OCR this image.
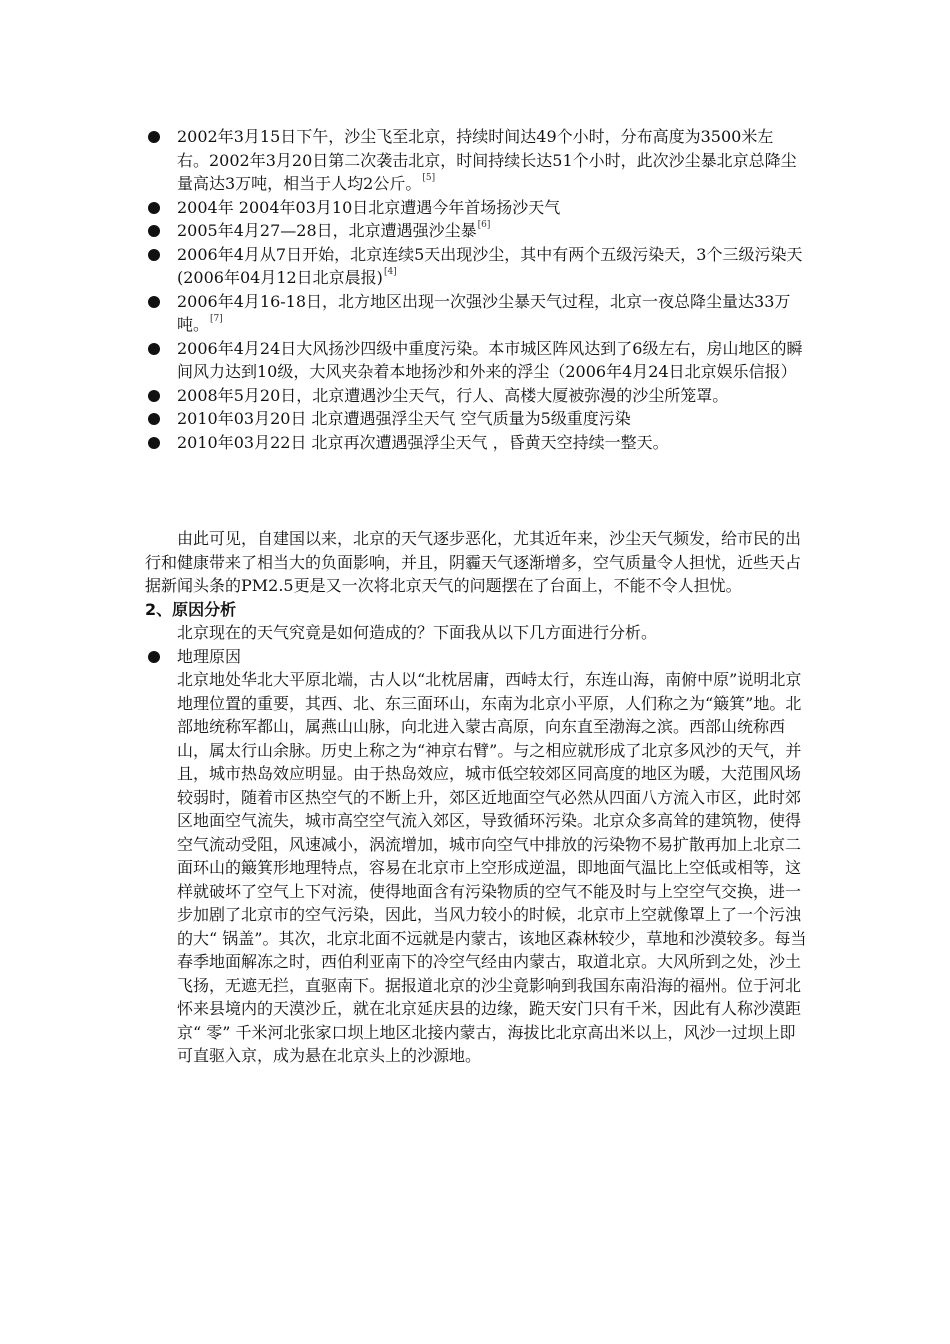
2002年3月15日下午，沙尘飞至北京，持续时间达49个小时，分布高度为3500米左右。2002年3月20日第二次袭击北京，时间持续长达51个小时，此次沙尘暴北京总降尘量高达3万吨，相当于人均2公斤。[5]
2004年 2004年03月10日北京遭遇今年首场扬沙天气
2005年4月27—28日，北京遭遇强沙尘暴[6]
2006年4月从7日开始，北京连续5天出现沙尘，其中有两个五级污染天，3个三级污染天(2006年04月12日北京晨报)[4]
2006年4月16-18日，北方地区出现一次强沙尘暴天气过程，北京一夜总降尘量达33万吨。[7]
2006年4月24日大风扬沙四级中重度污染。本市城区阵风达到了6级左右，房山地区的瞬间风力达到10级，大风夹杂着本地扬沙和外来的浮尘（2006年4月24日北京娱乐信报）
2008年5月20日，北京遭遇沙尘天气，行人、高楼大厦被弥漫的沙尘所笼罩。
2010年03月20日 北京遭遇强浮尘天气 空气质量为5级重度污染
2010年03月22日 北京再次遭遇强浮尘天气 ，昏黄天空持续一整天。

由此可见，自建国以来，北京的天气逐步恶化，尤其近年来，沙尘天气频发，给市民的出行和健康带来了相当大的负面影响，并且，阴霾天气逐渐增多，空气质量令人担忧，近些天占据新闻头条的PM2.5更是又一次将北京天气的问题摆在了台面上，不能不令人担忧。

2、原因分析

北京现在的天气究竟是如何造成的？下面我从以下几方面进行分析。

地理原因

北京地处华北大平原北端，古人以“北枕居庸，西峙太行，东连山海，南俯中原”说明北京地理位置的重要，其西、北、东三面环山，东南为北京小平原，人们称之为“簸箕”地。北部地统称军都山，属燕山山脉，向北进入蒙古高原，向东直至渤海之滨。西部山统称西山，属太行山余脉。历史上称之为“神京右臂”。与之相应就形成了北京多风沙的天气，并且，城市热岛效应明显。由于热岛效应，城市低空较郊区同高度的地区为暖，大范围风场较弱时，随着市区热空气的不断上升，郊区近地面空气必然从四面八方流入市区，此时郊区地面空气流失，城市高空空气流入郊区，导致循环污染。北京众多高耸的建筑物，使得空气流动受阻，风速减小，涡流增加，城市向空气中排放的污染物不易扩散再加上北京二面环山的簸箕形地理特点，容易在北京市上空形成逆温，即地面气温比上空低或相等，这样就破坏了空气上下对流，使得地面含有污染物质的空气不能及时与上空空气交换，进一步加剧了北京市的空气污染，因此，当风力较小的时候，北京市上空就像罩上了一个污浊的大“ 锅盖”。其次，北京北面不远就是内蒙古，该地区森林较少，草地和沙漠较多。每当春季地面解冻之时，西伯利亚南下的冷空气经由内蒙古，取道北京。大风所到之处，沙土飞扬，无遮无拦，直驱南下。据报道北京的沙尘竟影响到我国东南沿海的福州。位于河北怀来县境内的天漠沙丘，就在北京延庆县的边缘，跪天安门只有千米，因此有人称沙漠距京“ 零” 千米河北张家口坝上地区北接内蒙古，海拔比北京高出米以上，风沙一过坝上即可直驱入京，成为悬在北京头上的沙源地。
